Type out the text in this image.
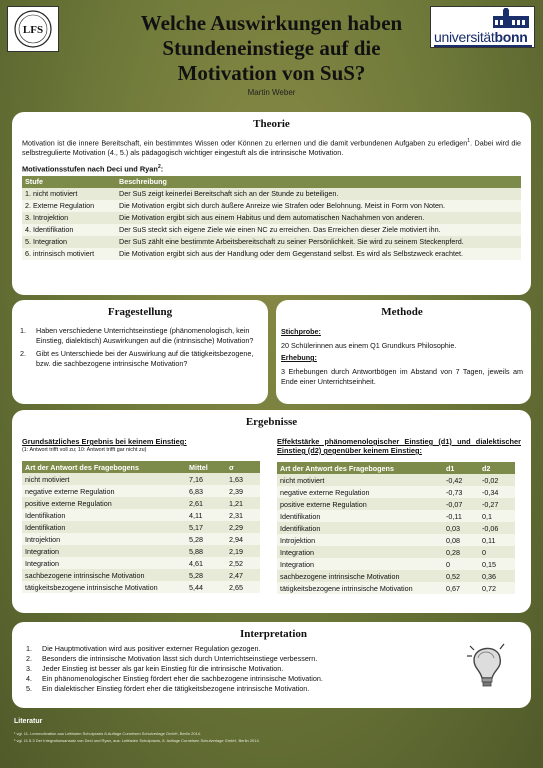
LFS	universitätbonn
Welche Auswirkungen haben
Stundeneinstiege auf die
Motivation von SuS?
Martin Weber
Theorie
Motivation ist die innere Bereitschaft, ein bestimmtes Wissen oder Können zu erlernen und die damit verbundenen Aufgaben zu erledigen$^1$. Dabei wird die selbstregulierte Motivation (4., 5.) als pädagogisch wichtiger eingestuft als die intrinsische Motivation.
Motivationsstufen nach Deci und Ryan$^2$:
Stufe	Beschreibung
1. nicht motiviert	Der SuS zeigt keinerlei Bereitschaft sich an der Stunde zu beteiligen.
2. Externe Regulation	Die Motivation ergibt sich durch äußere Anreize wie Strafen oder Belohnung. Meist in Form von Noten.
3. Introjektion	Die Motivation ergibt sich aus einem Habitus und dem automatischen Nachahmen von anderen.
4. Identifikation	Der SuS steckt sich eigene Ziele wie einen NC zu erreichen. Das Erreichen dieser Ziele motiviert ihn.
5. Integration	Der SuS zählt eine bestimmte Arbeitsbereitschaft zu seiner Persönlichkeit. Sie wird zu seinem Steckenpferd.
6. intrinsisch motiviert	Die Motivation ergibt sich aus der Handlung oder dem Gegenstand selbst. Es wird als Selbstzweck erachtet.
Fragestellung
1.	Haben verschiedene Unterrichtseinstiege (phänomenologisch, kein Einstieg, dialektisch) Auswirkungen auf die (intrinsische) Motivation?
2.	Gibt es Unterschiede bei der Auswirkung auf die tätigkeitsbezogene, bzw. die sachbezogene intrinsische Motivation?
Methode
Stichprobe:
20 Schülerinnen aus einem Q1 Grundkurs Philosophie.
Erhebung:
3 Erhebungen durch Antwortbögen im Abstand von 7 Tagen, jeweils am Ende einer Unterrichtseinheit.
Ergebnisse
Grundsätzliches Ergebnis bei keinem Einstieg:
(1: Antwort trifft voll zu; 10: Antwort trifft gar nicht zu)
Art der Antwort des Fragebogens	Mittel	σ
nicht motiviert	7,16	1,63
negative externe Regulation	6,83	2,39
positive externe Regulation	2,61	1,21
Identifikation	4,11	2,31
Identifikation	5,17	2,29
Introjektion	5,28	2,94
Integration	5,88	2,19
Integration	4,61	2,52
sachbezogene intrinsische Motivation	5,28	2,47
tätigkeitsbezogene intrinsische Motivation	5,44	2,65
Effektstärke phänomenologischer Einstieg (d1) und dialektischer Einstieg (d2) gegenüber keinem Einstieg:
Art der Antwort des Fragebogens	d1	d2
nicht motiviert	-0,42	-0,02
negative externe Regulation	-0,73	-0,34
positive externe Regulation	-0,07	-0,27
Identifikation	-0,11	0,1
Identifikation	0,03	-0,06
Introjektion	0,08	0,11
Integration	0,28	0
Integration	0	0,15
sachbezogene intrinsische Motivation	0,52	0,36
tätigkeitsbezogene intrinsische Motivation	0,67	0,72
Interpretation
1.	Die Hauptmotivation wird aus positiver externer Regulation gezogen.
2.	Besonders die intrinsische Motivation lässt sich durch Unterrichtseinstiege verbessern.
3.	Jeder Einstieg ist besser als gar kein Einstieg für die intrinsische Motivation.
4.	Ein phänomenologischer Einstieg fördert eher die sachbezogene intrinsische Motivation.
5.	Ein dialektischer Einstieg fördert eher die tätigkeitsbezogene intrinsische Motivation.
Literatur
¹ vgl. 11. Lernmotivation aus Leitfaden Schulpraxis 8.Auflage Cornelsen Schulverlage GmbH, Berlin 2014.
² vgl. 11.5.3 Der Integrationsansatz von Deci und Ryan, aus: Leitfaden Schulpraxis, 8. Auflage Cornelsen Schulverlage GmbH, Berlin 2014.
